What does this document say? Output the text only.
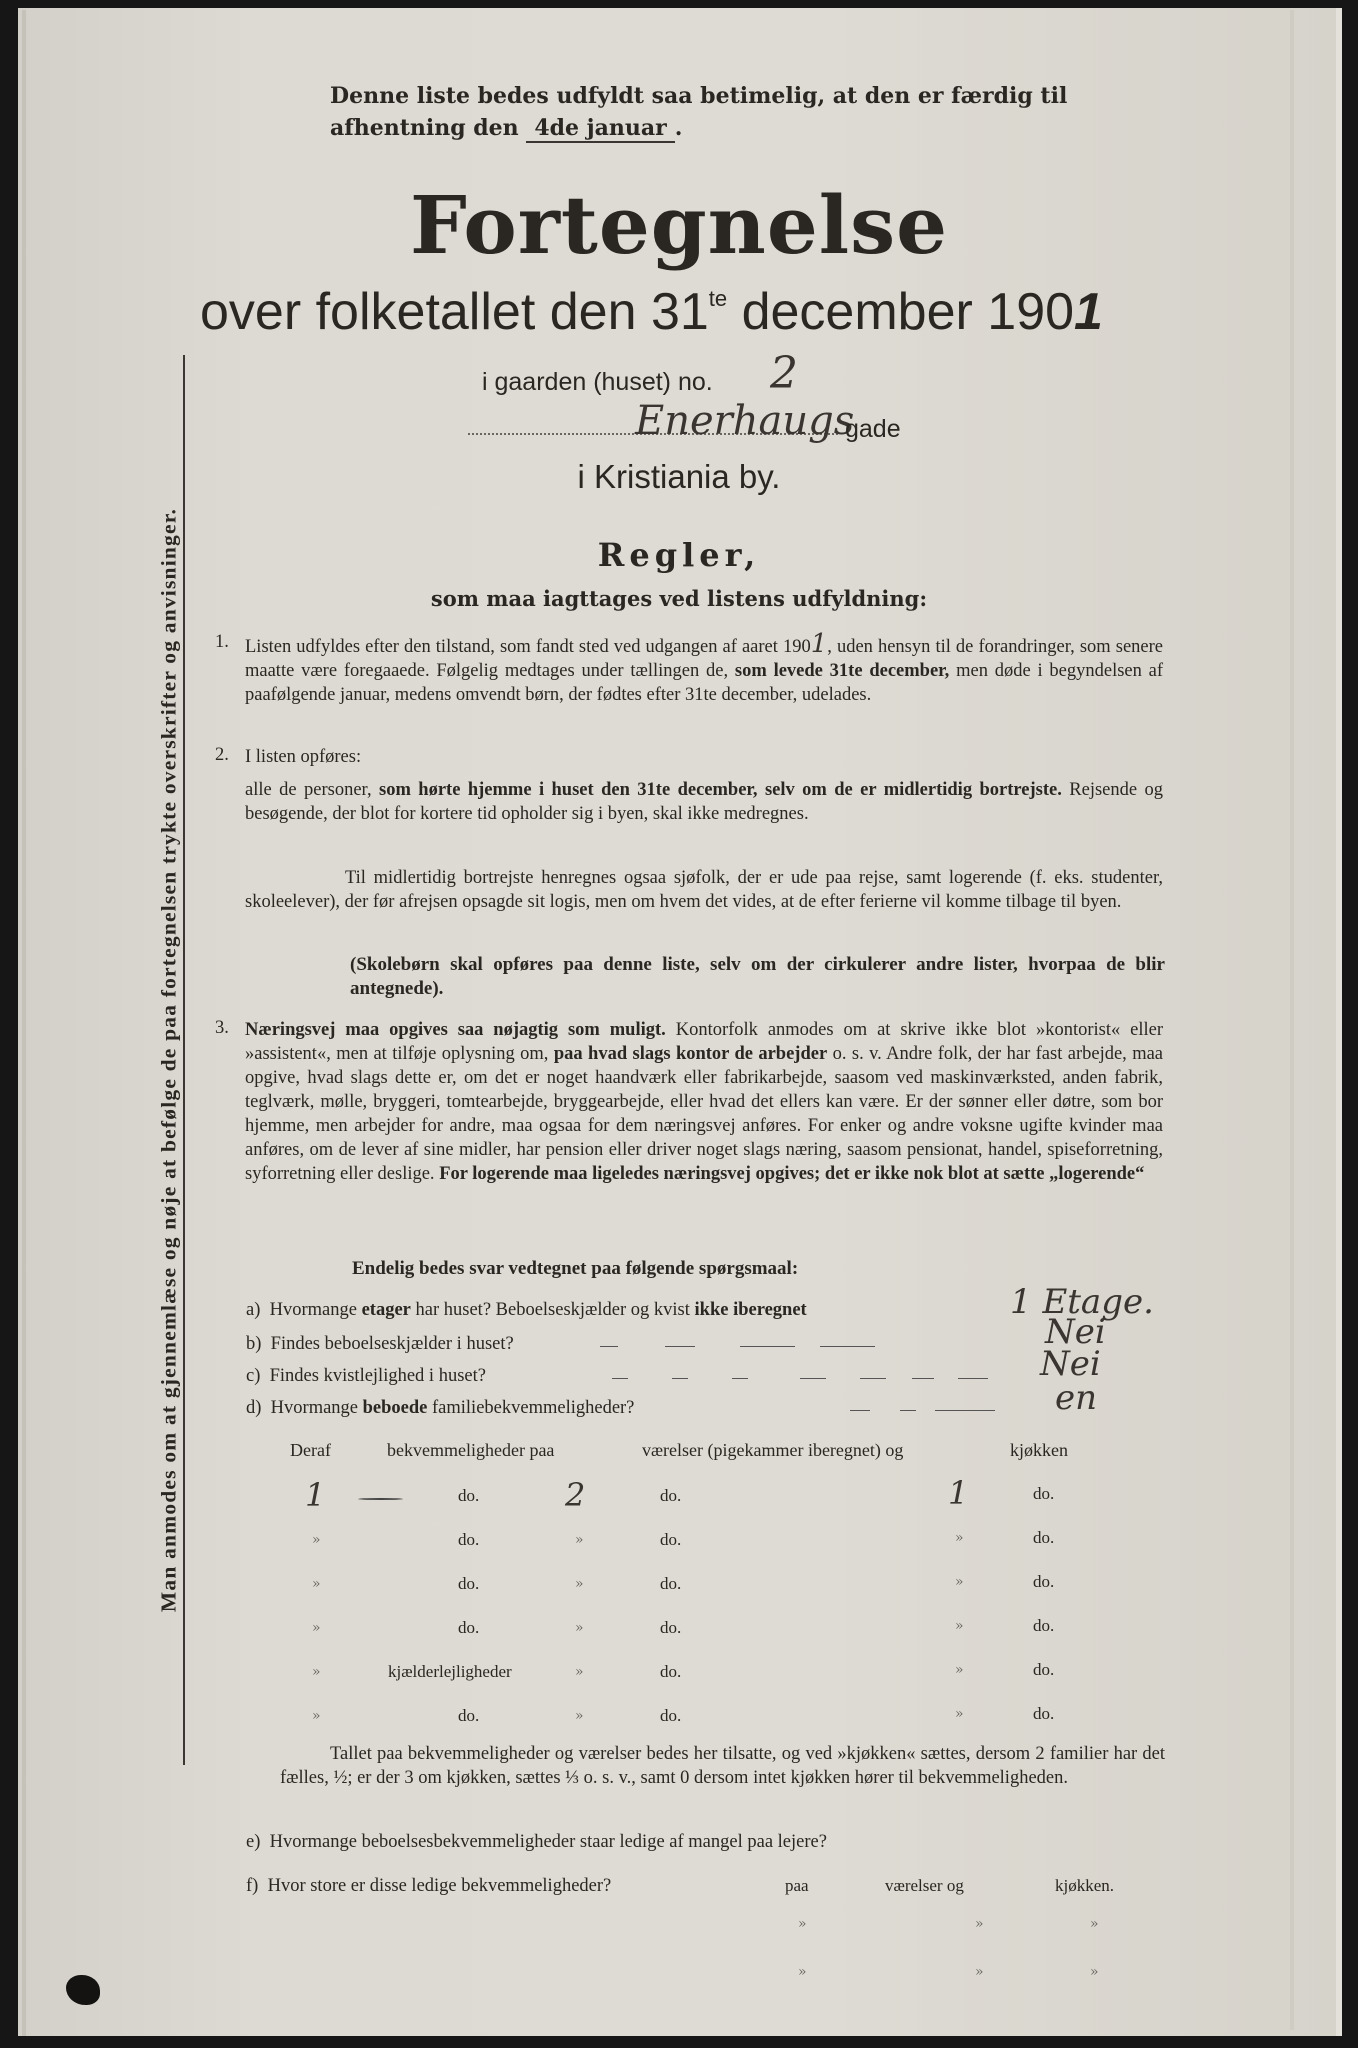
Denne liste bedes udfyldt saa betimelig, at den er færdig til
afhentning den 4de januar .
Fortegnelse
over folketallet den $31^{te}$ december 1901
i gaarden (huset) no. 2
Enerhaugs
gade
i Kristiania by.
Regler,
som maa iagttages ved listens udfyldning:
1. Listen udfyldes efter den tilstand, som fandt sted ved udgangen af aaret 1901, uden hensyn til de forandringer, som senere maatte være foregaaede. Følgelig medtages under tællingen de, som levede 31te december, men døde i begyndelsen af paafølgende januar, medens omvendt børn, der fødtes efter 31te december, udelades.
2. I listen opføres:
alle de personer, som hørte hjemme i huset den 31te december, selv om de er midlertidig bortrejste. Rejsende og besøgende, der blot for kortere tid opholder sig i byen, skal ikke medregnes.
Til midlertidig bortrejste henregnes ogsaa sjøfolk, der er ude paa rejse, samt logerende (f. eks. studenter, skoleelever), der før afrejsen opsagde sit logis, men om hvem det vides, at de efter ferierne vil komme tilbage til byen.
(Skolebørn skal opføres paa denne liste, selv om der cirkulerer andre lister, hvorpaa de blir antegnede).
3. Næringsvej maa opgives saa nøjagtig som muligt. Kontorfolk anmodes om at skrive ikke blot »kontorist« eller »assistent«, men at tilføje oplysning om, paa hvad slags kontor de arbejder o. s. v. Andre folk, der har fast arbejde, maa opgive, hvad slags dette er, om det er noget haandværk eller fabrikarbejde, saasom ved maskinværksted, anden fabrik, teglværk, mølle, bryggeri, tomtearbejde, bryggearbejde, eller hvad det ellers kan være. Er der sønner eller døtre, som bor hjemme, men arbejder for andre, maa ogsaa for dem næringsvej anføres. For enker og andre voksne ugifte kvinder maa anføres, om de lever af sine midler, har pension eller driver noget slags næring, saasom pensionat, handel, spiseforretning, syforretning eller deslige. For logerende maa ligeledes næringsvej opgives; det er ikke nok blot at sætte „logerende“
Endelig bedes svar vedtegnet paa følgende spørgsmaal:
a) Hvormange etager har huset? Beboelseskjælder og kvist ikke iberegnet	1 Etage.
b) Findes beboelseskjælder i huset?	Nei
c) Findes kvistlejlighed i huset?	Nei
d) Hvormange beboede familiebekvemmeligheder?	en
Deraf	bekvemmeligheder paa	værelser (pigekammer iberegnet) og	kjøkken
1	do.	2	do.	1	do.
»	do.	»	do.	»	do.
»	do.	»	do.	»	do.
»	do.	»	do.	»	do.
»	kjælderlejligheder	»	do.	»	do.
»	do.	»	do.	»	do.
Tallet paa bekvemmeligheder og værelser bedes her tilsatte, og ved »kjøkken« sættes, dersom 2 familier har det fælles, ½; er der 3 om kjøkken, sættes ⅓ o. s. v., samt 0 dersom intet kjøkken hører til bekvemmeligheden.
e) Hvormange beboelsesbekvemmeligheder staar ledige af mangel paa lejere?
f) Hvor store er disse ledige bekvemmeligheder?	paa	værelser og	kjøkken.
»	»	»
»	»	»
Man anmodes om at gjennemlæse og nøje at befølge de paa fortegnelsen trykte overskrifter og anvisninger.
